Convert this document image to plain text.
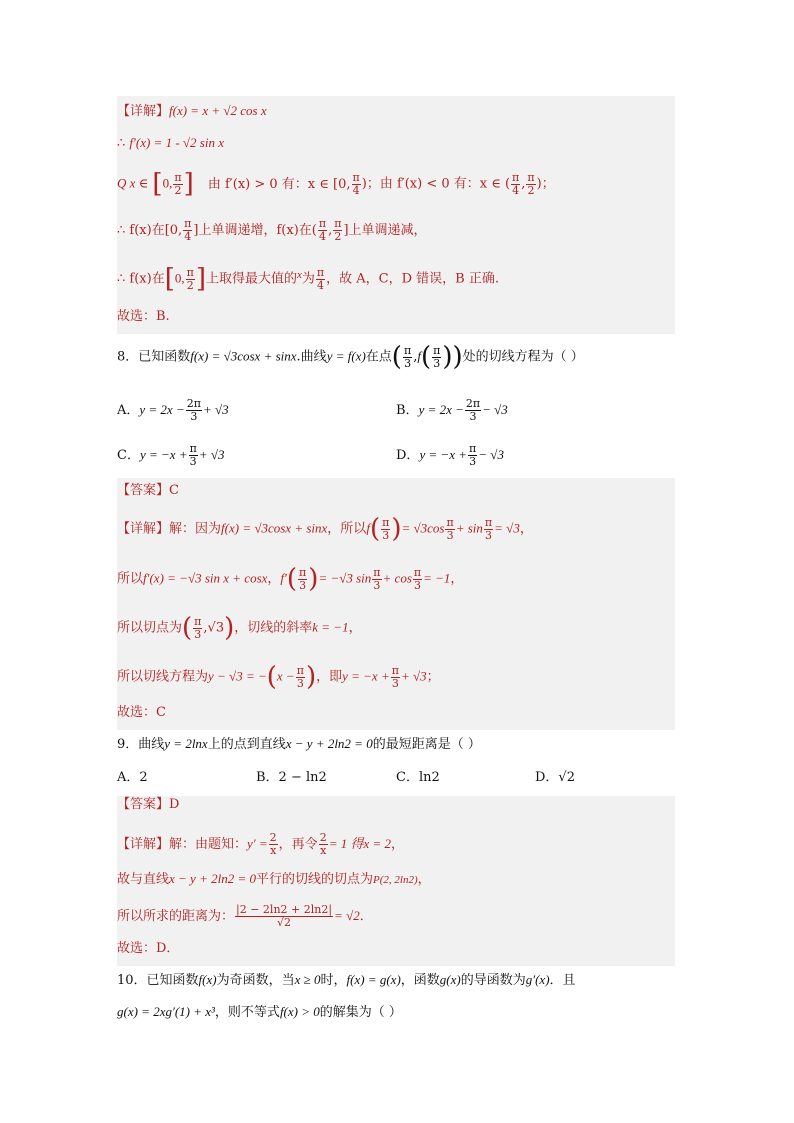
【详解】f(x) = x + √2 cos x
∴ f′(x) = 1 - √2 sin x
Q x ∈ [0, $\frac{\pi}{2}$ ] 由 f′(x) > 0 有：x ∈ [0, $\frac{\pi}{4}$ )；由 f′(x) < 0 有：x ∈ ( $\frac{\pi}{4}$ , $\frac{\pi}{2}$ )；
∴ f(x)在[0, $\frac{\pi}{4}$ ]上单调递增，f(x)在( $\frac{\pi}{4}$ , $\frac{\pi}{2}$ ]上单调递减，
∴ f(x)在[0, $\frac{\pi}{2}$ ]上取得最大值的$^x$为 $\frac{\pi}{4}$ ，故 A，C，D 错误，B 正确.
故选：B.
8．已知函数f(x) = √3cosx + sinx.曲线y = f(x)在点( $\frac{\pi}{3} ,f( \frac{\pi}{3}$ ))处的切线方程为（ ）
A．$y = 2x - \frac{2\pi}{3} + √3$	B．$y = 2x - \frac{2\pi}{3} - √3$
C．$y = -x + \frac{\pi}{3} + √3$	D．$y = -x + \frac{\pi}{3} - √3$
【答案】C
【详解】解：因为f(x) = √3cosx + sinx，所以$f( \frac{\pi}{3}$ )= $√3\cos \frac{\pi}{3} + \sin \frac{\pi}{3} = √3$，
所以f′(x) = −√3 sin x + cosx，$f'( \frac{\pi}{3}$ )= −√3 $\sin \frac{\pi}{3} + \cos \frac{\pi}{3} = -1$，
所以切点为( $\frac{\pi}{3} ,√3$)，切线的斜率k = −1，
所以切线方程为$y - √3 = -(x - \frac{\pi}{3}$ )，即$y = -x + \frac{\pi}{3} + √3$；
故选：C
9．曲线y = 2lnx上的点到直线x − y + 2ln2 = 0的最短距离是（ ）
A．2	B．2 − ln2	C．ln2	D．√2
【答案】D
【详解】解：由题知：$y' = \frac{2}{x}$ ，再令 $\frac{2}{x} = 1$ 得x = 2，
故与直线x − y + 2ln2 = 0平行的切线的切点为P(2, 2ln2)，
所以所求的距离为： $\frac{|2 - 2\ln 2 + 2\ln 2|}{√2} = √2$．
故选：D．
10．已知函数f(x)为奇函数，当x ≥ 0时，f(x) = g(x)，函数g(x)的导函数为g′(x)．且
g(x) = 2xg′(1) + x³，则不等式f(x) > 0的解集为（ ）
